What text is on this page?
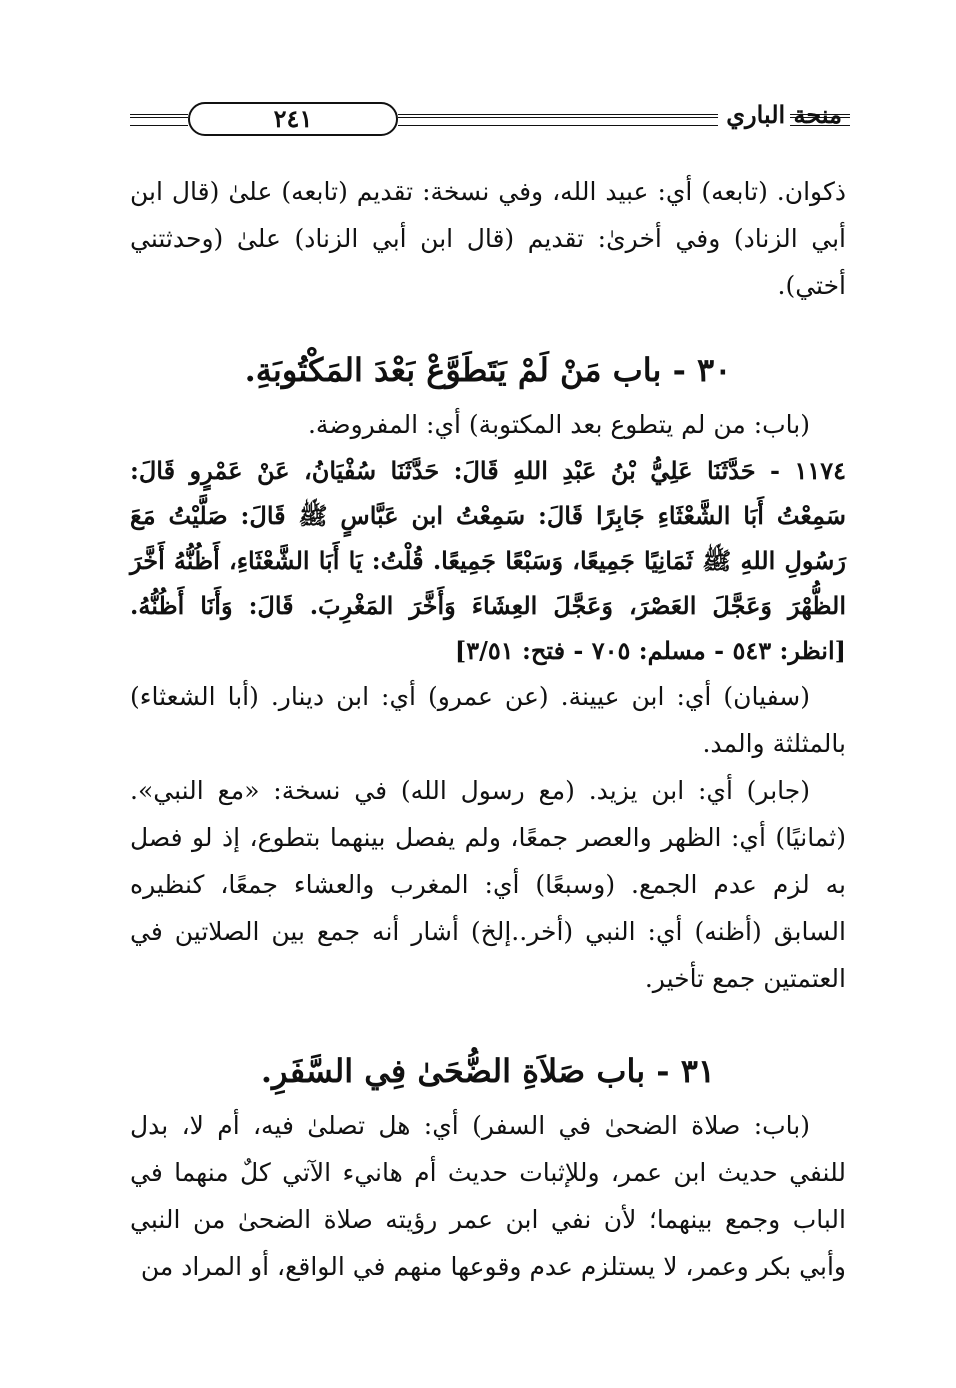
٢٤١	منحة الباري

ذكوان. (تابعه) أي: عبيد الله، وفي نسخة: تقديم (تابعه) علىٰ (قال ابن أبي الزناد) وفي أخرىٰ: تقديم (قال ابن أبي الزناد) علىٰ (وحدثتني أختي).

٣٠ - باب مَنْ لَمْ يَتَطَوَّعْ بَعْدَ المَكْتُوبَةِ.

(باب: من لم يتطوع بعد المكتوبة) أي: المفروضة.

١١٧٤ - حَدَّثَنَا عَلِيُّ بْنُ عَبْدِ اللهِ قَالَ: حَدَّثَنَا سُفْيَانُ، عَنْ عَمْرٍو قَالَ: سَمِعْتُ أَبَا الشَّعْثَاءِ جَابِرًا قَالَ: سَمِعْتُ ابن عَبَّاسٍ ﷺ قَالَ: صَلَّيْتُ مَعَ رَسُولِ اللهِ ﷺ ثَمَانِيًا جَمِيعًا، وَسَبْعًا جَمِيعًا. قُلْتُ: يَا أَبَا الشَّعْثَاءِ، أَظُنُّهُ أَخَّرَ الظُّهْرَ وَعَجَّلَ العَصْرَ، وَعَجَّلَ العِشَاءَ وَأَخَّرَ المَغْرِبَ. قَالَ: وَأَنَا أَظُنُّهُ. [انظر: ٥٤٣ - مسلم: ٧٠٥ - فتح: ٣/٥١]

(سفيان) أي: ابن عيينة. (عن عمرو) أي: ابن دينار. (أبا الشعثاء) بالمثلثة والمد.

(جابر) أي: ابن يزيد. (مع رسول الله) في نسخة: «مع النبي». (ثمانيًا) أي: الظهر والعصر جمعًا، ولم يفصل بينهما بتطوع، إذ لو فصل به لزم عدم الجمع. (وسبعًا) أي: المغرب والعشاء جمعًا، كنظيره السابق (أظنه) أي: النبي (أخر..إلخ) أشار أنه جمع بين الصلاتين في العتمتين جمع تأخير.

٣١ - باب صَلاَةِ الضُّحَىٰ فِي السَّفَرِ.

(باب: صلاة الضحىٰ في السفر) أي: هل تصلىٰ فيه، أم لا، بدل للنفي حديث ابن عمر، وللإثبات حديث أم هانيء الآتي كلٌ منهما في الباب وجمع بينهما؛ لأن نفي ابن عمر رؤيته صلاة الضحىٰ من النبي وأبي بكر وعمر، لا يستلزم عدم وقوعها منهم في الواقع، أو المراد من
